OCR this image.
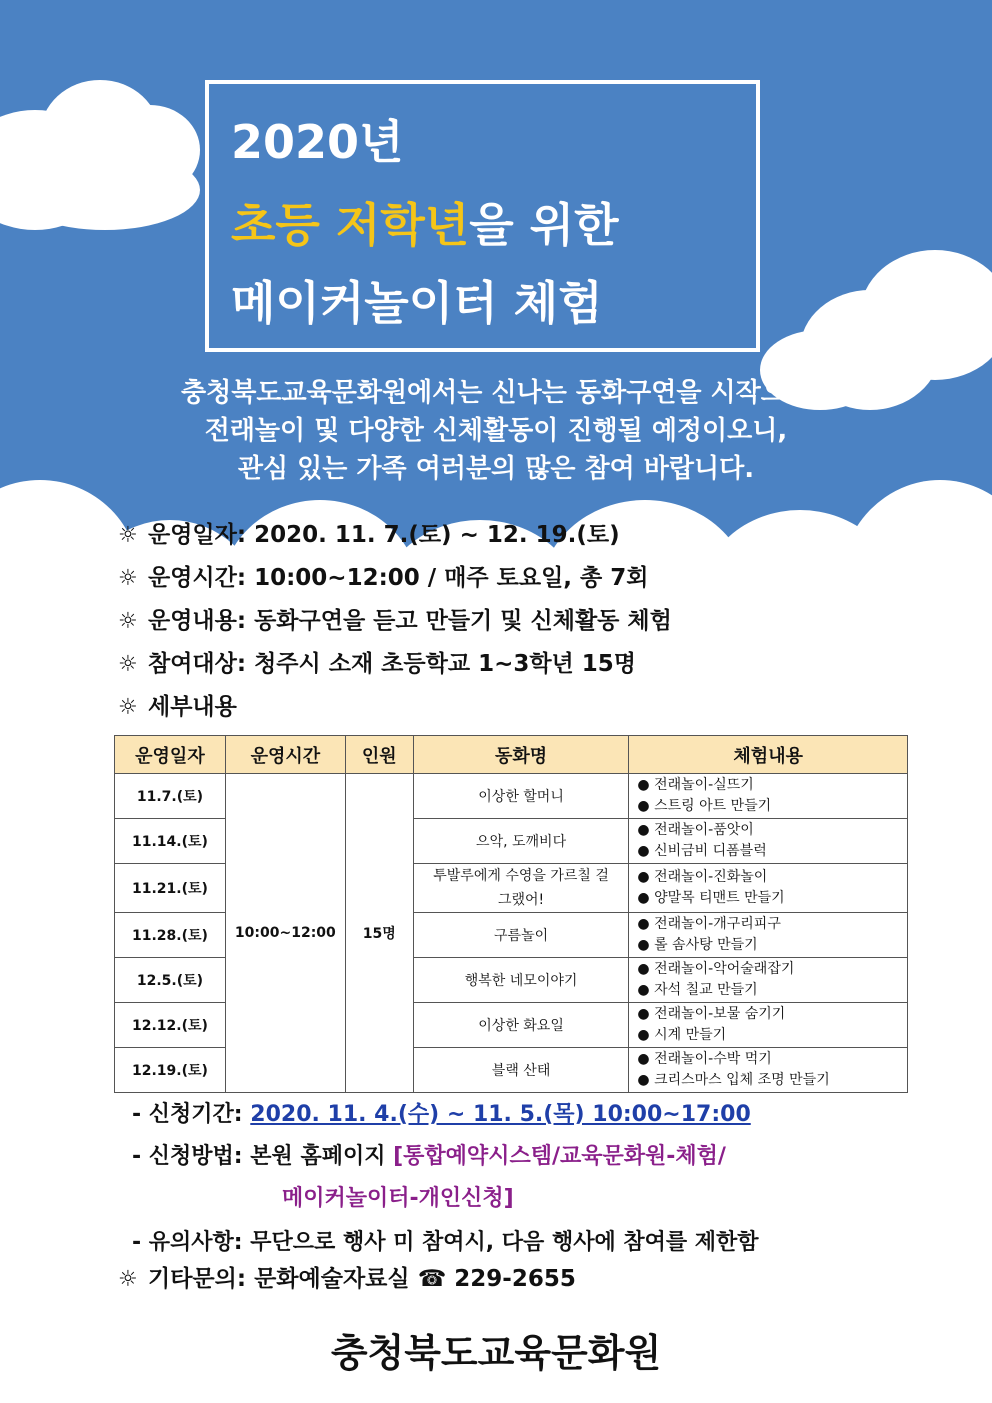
2020년
초등 저학년을 위한
메이커놀이터 체험
충청북도교육문화원에서는 신나는 동화구연을 시작으로
전래놀이 및 다양한 신체활동이 진행될 예정이오니,
관심 있는 가족 여러분의 많은 참여 바랍니다.
☼ 운영일자: 2020. 11. 7.(토) ~ 12. 19.(토)
☼ 운영시간: 10:00~12:00 / 매주 토요일, 총 7회
☼ 운영내용: 동화구연을 듣고 만들기 및 신체활동 체험
☼ 참여대상: 청주시 소재 초등학교 1~3학년 15명
☼ 세부내용
운영일자	운영시간	인원	동화명	체험내용
11.7.(토)	10:00~12:00	15명	이상한 할머니	● 전래놀이-실뜨기
● 스트링 아트 만들기

11.14.(토)			으악, 도깨비다	● 전래놀이-품앗이
● 신비금비 디폼블럭

11.21.(토)			투발루에게 수영을 가르칠 걸 그랬어!	● 전래놀이-진화놀이
● 양말목 티맨트 만들기

11.28.(토)			구름놀이	● 전래놀이-개구리피구
● 롤 솜사탕 만들기

12.5.(토)			행복한 네모이야기	● 전래놀이-악어술래잡기
● 자석 칠교 만들기

12.12.(토)			이상한 화요일	● 전래놀이-보물 숨기기
● 시계 만들기

12.19.(토)			블랙 산태	● 전래놀이-수박 먹기
● 크리스마스 입체 조명 만들기
- 신청기간: 2020. 11. 4.(수) ~ 11. 5.(목) 10:00~17:00
- 신청방법: 본원 홈페이지 [통합예약시스템/교육문화원-체험/
메이커놀이터-개인신청]
- 유의사항: 무단으로 행사 미 참여시, 다음 행사에 참여를 제한함
☼ 기타문의: 문화예술자료실 ☎ 229-2655
충청북도교육문화원
